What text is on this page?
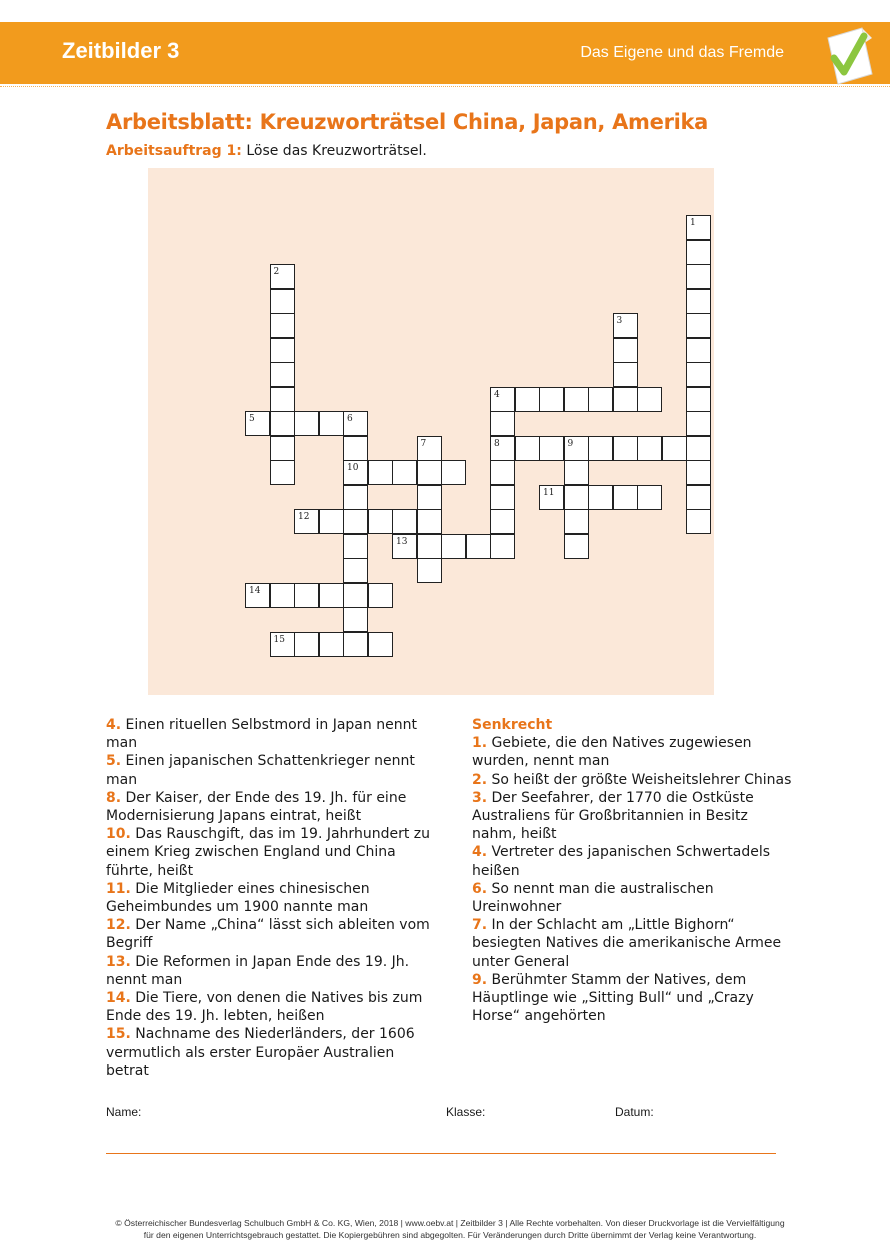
Zeitbilder 3	Das Eigene und das Fremde
Arbeitsblatt: Kreuzworträtsel China, Japan, Amerika
Arbeitsauftrag 1: Löse das Kreuzworträtsel.
1
2
3
4
8
5	6
10
7	9
11
12
13
14
15
4. Einen rituellen Selbstmord in Japan nennt man
5. Einen japanischen Schattenkrieger nennt man
8. Der Kaiser, der Ende des 19. Jh. für eine Modernisierung Japans eintrat, heißt
10. Das Rauschgift, das im 19. Jahrhundert zu einem Krieg zwischen England und China führte, heißt
11. Die Mitglieder eines chinesischen Geheimbundes um 1900 nannte man
12. Der Name „China“ lässt sich ableiten vom Begriff
13. Die Reformen in Japan Ende des 19. Jh. nennt man
14. Die Tiere, von denen die Natives bis zum Ende des 19. Jh. lebten, heißen
15. Nachname des Niederländers, der 1606 vermutlich als erster Europäer Australien betrat
Senkrecht
1. Gebiete, die den Natives zugewiesen wurden, nennt man
2. So heißt der größte Weisheitslehrer Chinas
3. Der Seefahrer, der 1770 die Ostküste Australiens für Großbritannien in Besitz nahm, heißt
4. Vertreter des japanischen Schwertadels heißen
6. So nennt man die australischen Ureinwohner
7. In der Schlacht am „Little Bighorn“ besiegten Natives die amerikanische Armee unter General
9. Berühmter Stamm der Natives, dem Häuptlinge wie „Sitting Bull“ und „Crazy Horse“ angehörten
Name:	Klasse:	Datum:
© Österreichischer Bundesverlag Schulbuch GmbH & Co. KG, Wien, 2018 | www.oebv.at | Zeitbilder 3 | Alle Rechte vorbehalten. Von dieser Druckvorlage ist die Vervielfältigung
für den eigenen Unterrichtsgebrauch gestattet. Die Kopiergebühren sind abgegolten. Für Veränderungen durch Dritte übernimmt der Verlag keine Verantwortung.
